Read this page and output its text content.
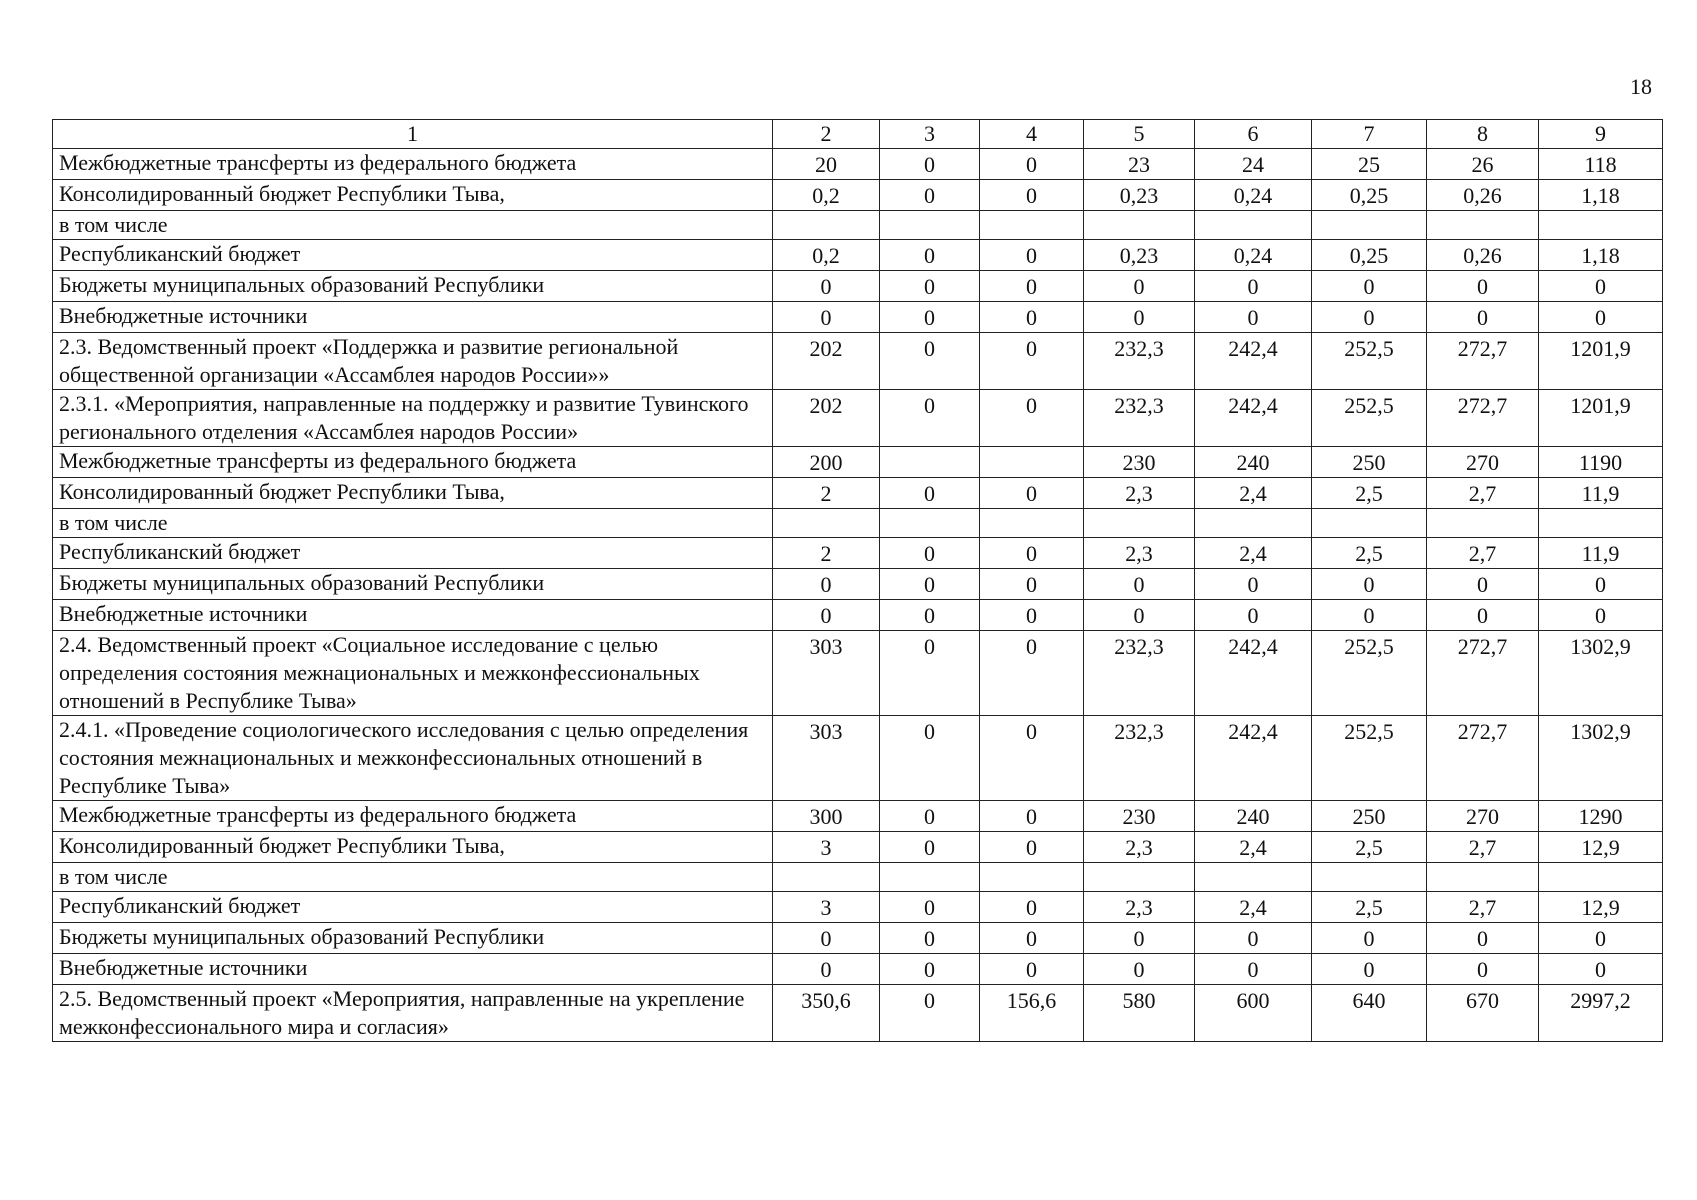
18
1	2	3	4	5	6	7	8	9
Межбюджетные трансферты из федерального бюджета	20	0	0	23	24	25	26	118
Консолидированный бюджет Республики Тыва,	0,2	0	0	0,23	0,24	0,25	0,26	1,18
в том числе								
Республиканский бюджет	0,2	0	0	0,23	0,24	0,25	0,26	1,18
Бюджеты муниципальных образований Республики	0	0	0	0	0	0	0	0
Внебюджетные источники	0	0	0	0	0	0	0	0
2.3. Ведомственный проект «Поддержка и развитие региональной общественной организации «Ассамблея народов России»»	202	0	0	232,3	242,4	252,5	272,7	1201,9
2.3.1. «Мероприятия, направленные на поддержку и развитие Тувинского регионального отделения «Ассамблея народов России»	202	0	0	232,3	242,4	252,5	272,7	1201,9
Межбюджетные трансферты из федерального бюджета	200			230	240	250	270	1190
Консолидированный бюджет Республики Тыва,	2	0	0	2,3	2,4	2,5	2,7	11,9
в том числе								
Республиканский бюджет	2	0	0	2,3	2,4	2,5	2,7	11,9
Бюджеты муниципальных образований Республики	0	0	0	0	0	0	0	0
Внебюджетные источники	0	0	0	0	0	0	0	0
2.4. Ведомственный проект «Социальное исследование с целью определения состояния межнациональных и межконфессиональных отношений в Республике Тыва»	303	0	0	232,3	242,4	252,5	272,7	1302,9
2.4.1. «Проведение социологического исследования с целью определения состояния межнациональных и межконфессиональных отношений в Республике Тыва»	303	0	0	232,3	242,4	252,5	272,7	1302,9
Межбюджетные трансферты из федерального бюджета	300	0	0	230	240	250	270	1290
Консолидированный бюджет Республики Тыва,	3	0	0	2,3	2,4	2,5	2,7	12,9
в том числе								
Республиканский бюджет	3	0	0	2,3	2,4	2,5	2,7	12,9
Бюджеты муниципальных образований Республики	0	0	0	0	0	0	0	0
Внебюджетные источники	0	0	0	0	0	0	0	0
2.5. Ведомственный проект «Мероприятия, направленные на укрепление межконфессионального мира и согласия»	350,6	0	156,6	580	600	640	670	2997,2
